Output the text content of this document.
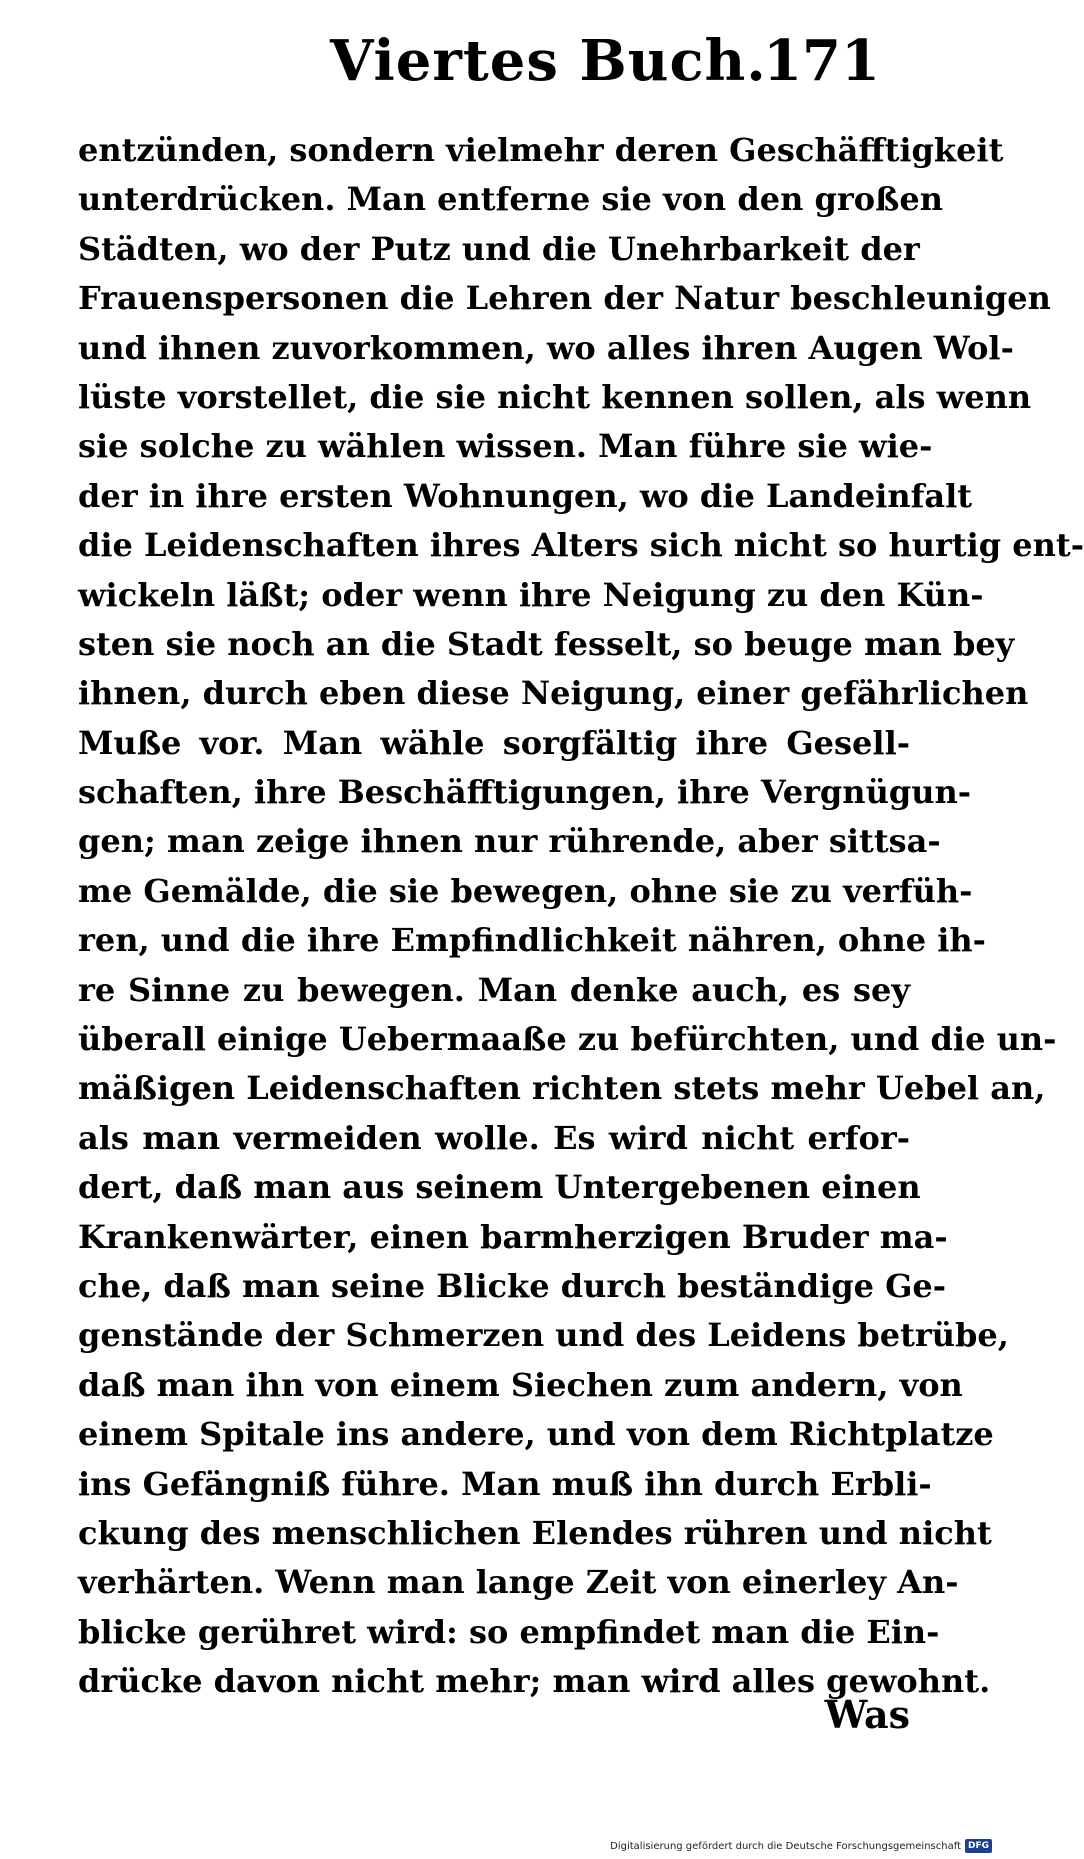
Viertes Buch.
171
entzünden, sondern vielmehr deren Geschäfftigkeit
unterdrücken. Man entferne sie von den großen
Städten, wo der Putz und die Unehrbarkeit der
Frauenspersonen die Lehren der Natur beschleunigen
und ihnen zuvorkommen, wo alles ihren Augen Wol-
lüste vorstellet, die sie nicht kennen sollen, als wenn
sie solche zu wählen wissen. Man führe sie wie-
der in ihre ersten Wohnungen, wo die Landeinfalt
die Leidenschaften ihres Alters sich nicht so hurtig ent-
wickeln läßt; oder wenn ihre Neigung zu den Kün-
sten sie noch an die Stadt fesselt, so beuge man bey
ihnen, durch eben diese Neigung, einer gefährlichen
Muße vor. Man wähle sorgfältig ihre Gesell-
schaften, ihre Beschäfftigungen, ihre Vergnügun-
gen; man zeige ihnen nur rührende, aber sittsa-
me Gemälde, die sie bewegen, ohne sie zu verfüh-
ren, und die ihre Empfindlichkeit nähren, ohne ih-
re Sinne zu bewegen. Man denke auch, es sey
überall einige Uebermaaße zu befürchten, und die un-
mäßigen Leidenschaften richten stets mehr Uebel an,
als man vermeiden wolle. Es wird nicht erfor-
dert, daß man aus seinem Untergebenen einen
Krankenwärter, einen barmherzigen Bruder ma-
che, daß man seine Blicke durch beständige Ge-
genstände der Schmerzen und des Leidens betrübe,
daß man ihn von einem Siechen zum andern, von
einem Spitale ins andere, und von dem Richtplatze
ins Gefängniß führe. Man muß ihn durch Erbli-
ckung des menschlichen Elendes rühren und nicht
verhärten. Wenn man lange Zeit von einerley An-
blicke gerühret wird: so empfindet man die Ein-
drücke davon nicht mehr; man wird alles gewohnt.
Was
Digitalisierung gefördert durch die Deutsche Forschungsgemeinschaft DFG
